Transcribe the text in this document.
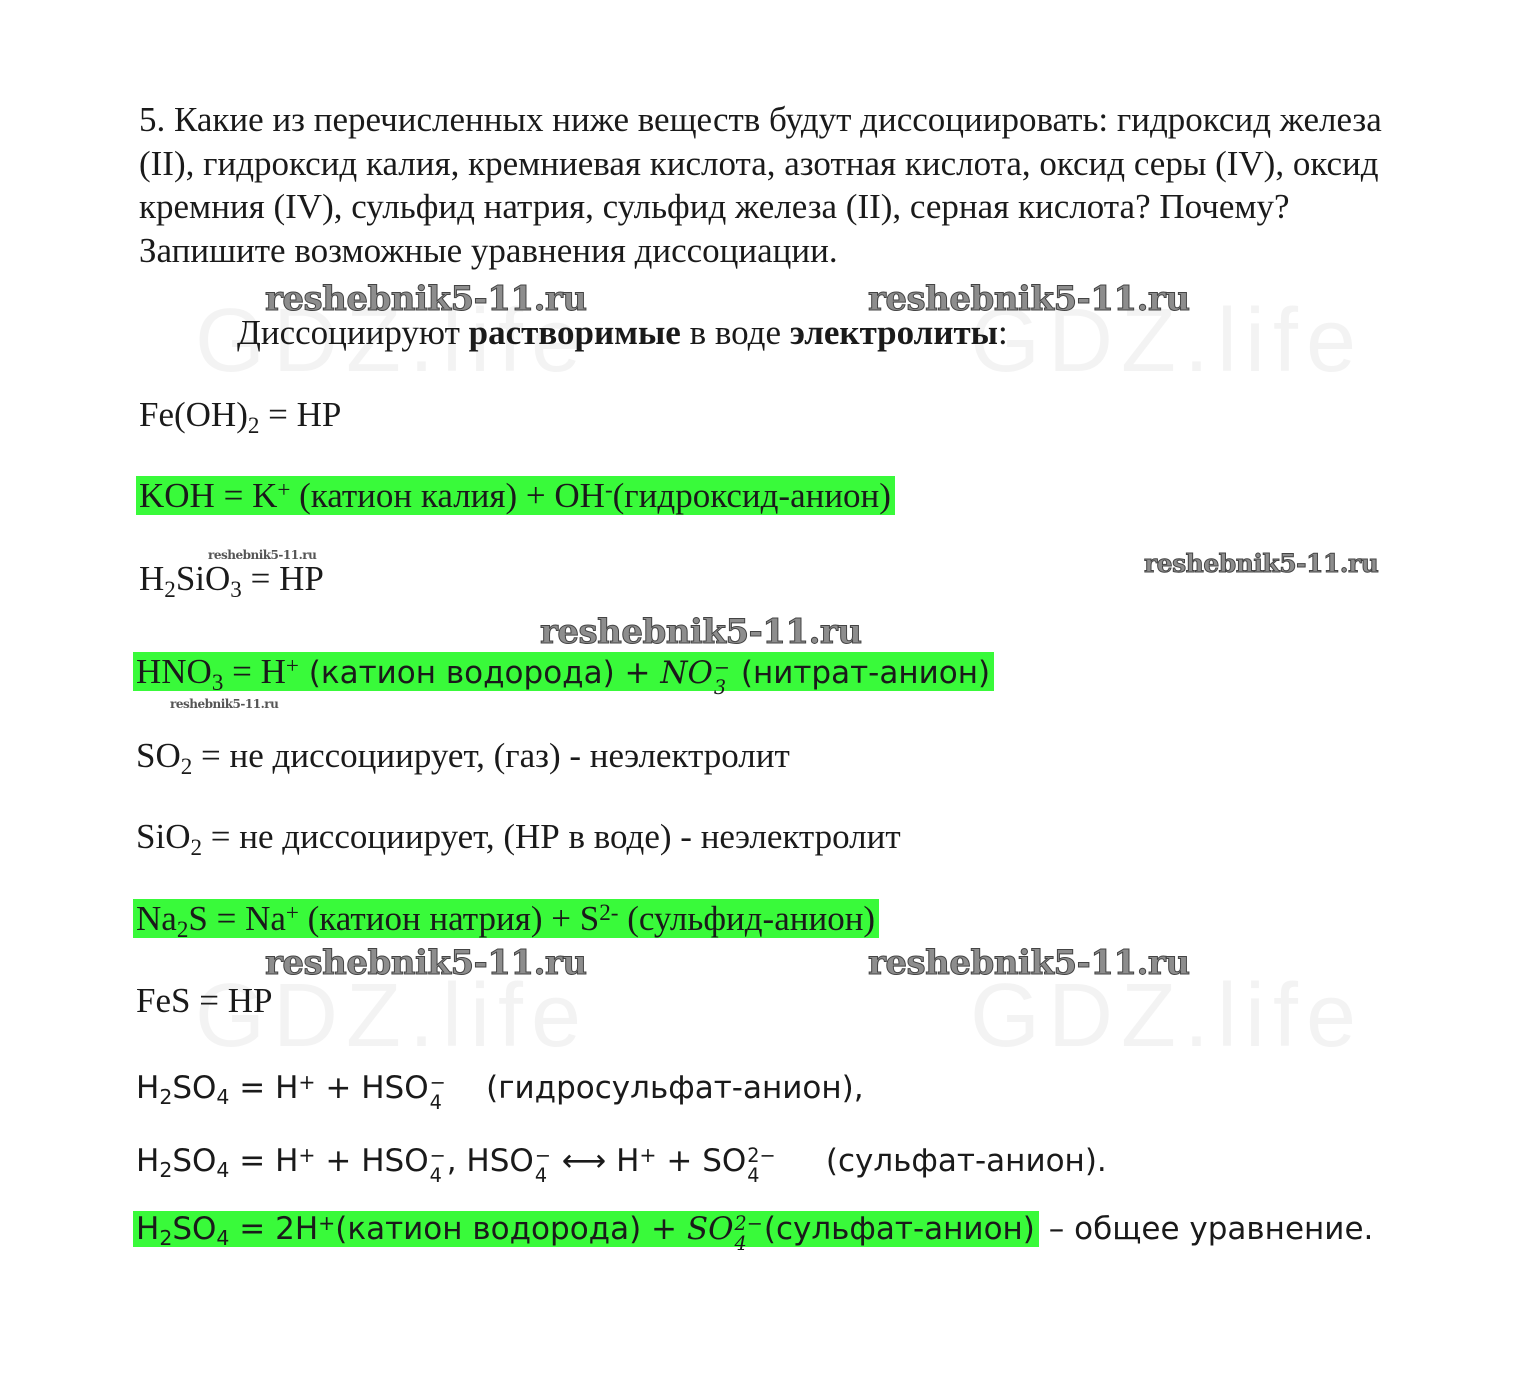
5. Какие из перечисленных ниже веществ будут диссоциировать: гидроксид железа (II), гидроксид калия, кремниевая кислота, азотная кислота, оксид серы (IV), оксид кремния (IV), сульфид натрия, сульфид железа (II), серная кислота? Почему? Запишите возможные уравнения диссоциации.

Диссоциируют растворимые в воде электролиты:
$Fe(OH)_2$ = НР
KOH = K+ (катион калия) + OH-(гидроксид-анион)
$H_2SiO_3$ = НР
$HNO_3 = H^+$ (катион водорода) + NO −
3 (нитрат-анион)
$SO_2$ = не диссоциирует, (газ) - неэлектролит
SiO$_2$ = не диссоциирует, (НР в воде) - неэлектролит
$Na_2S = Na^+$ (катион натрия) + $S^{2-}$ (сульфид-анион)
FeS = НР
$H_2SO_4 = H^+$ + HSO −
4 (гидросульфат-анион),
$H_2SO_4 = H^+$ + HSO −
4 , HSO −
4 ⟷ H+ + SO 2−
4 (сульфат-анион).
$H_2SO_4$ = 2H+(катион водорода) + SO 2−
4 (сульфат-анион) – общее уравнение.
reshebnik5-11.ru	reshebnik5-11.ru
reshebnik5-11.ru	reshebnik5-11.ru
reshebnik5-11.ru
reshebnik5-11.ru
reshebnik5-11.ru	reshebnik5-11.ru
